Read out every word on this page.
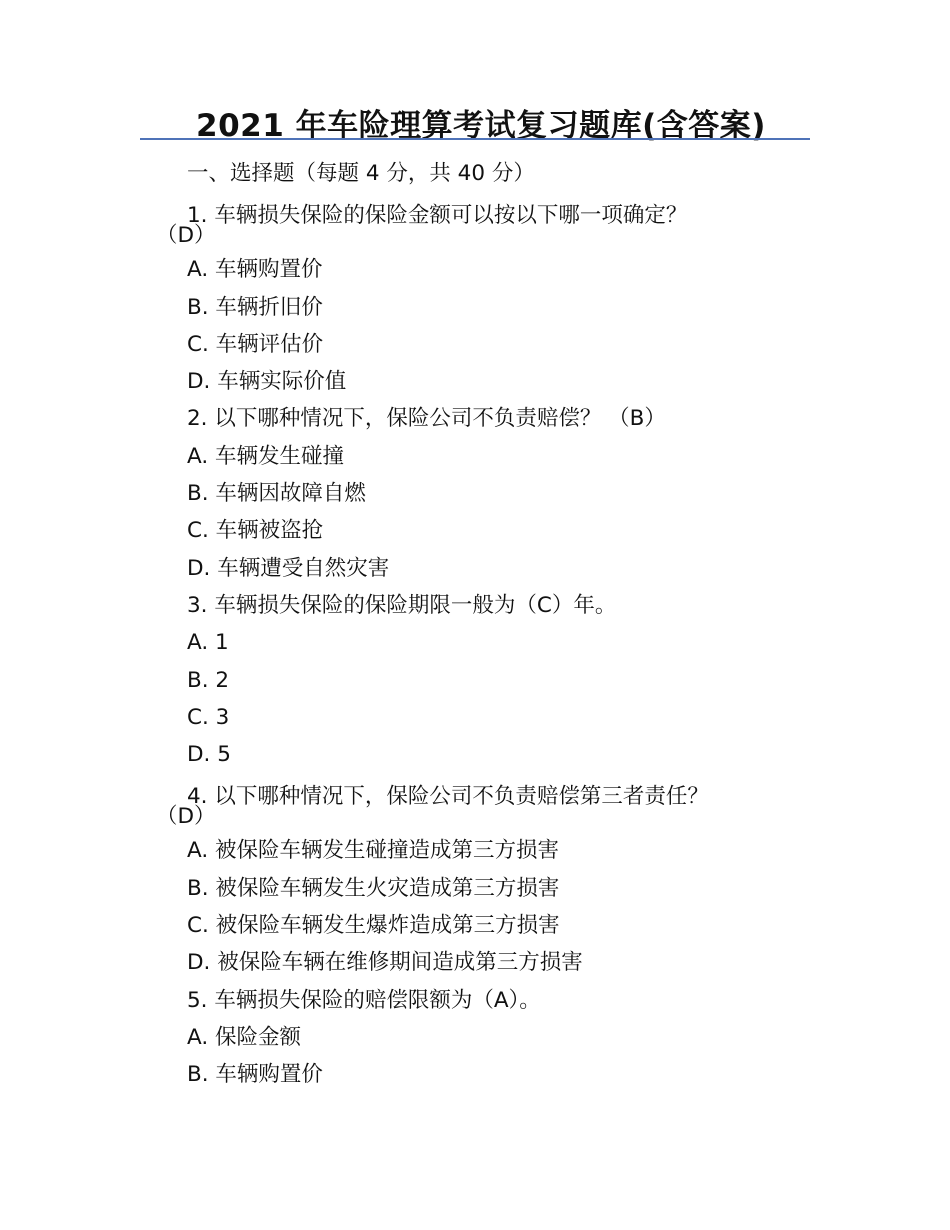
2021 年车险理算考试复习题库(含答案)
一、选择题（每题 4 分，共 40 分）
1. 车辆损失保险的保险金额可以按以下哪一项确定？
（D）
A. 车辆购置价
B. 车辆折旧价
C. 车辆评估价
D. 车辆实际价值
2. 以下哪种情况下，保险公司不负责赔偿？ （B）
A. 车辆发生碰撞
B. 车辆因故障自燃
C. 车辆被盗抢
D. 车辆遭受自然灾害
3. 车辆损失保险的保险期限一般为（C）年。
A. 1
B. 2
C. 3
D. 5
4. 以下哪种情况下，保险公司不负责赔偿第三者责任？
（D）
A. 被保险车辆发生碰撞造成第三方损害
B. 被保险车辆发生火灾造成第三方损害
C. 被保险车辆发生爆炸造成第三方损害
D. 被保险车辆在维修期间造成第三方损害
5. 车辆损失保险的赔偿限额为（A）。
A. 保险金额
B. 车辆购置价
